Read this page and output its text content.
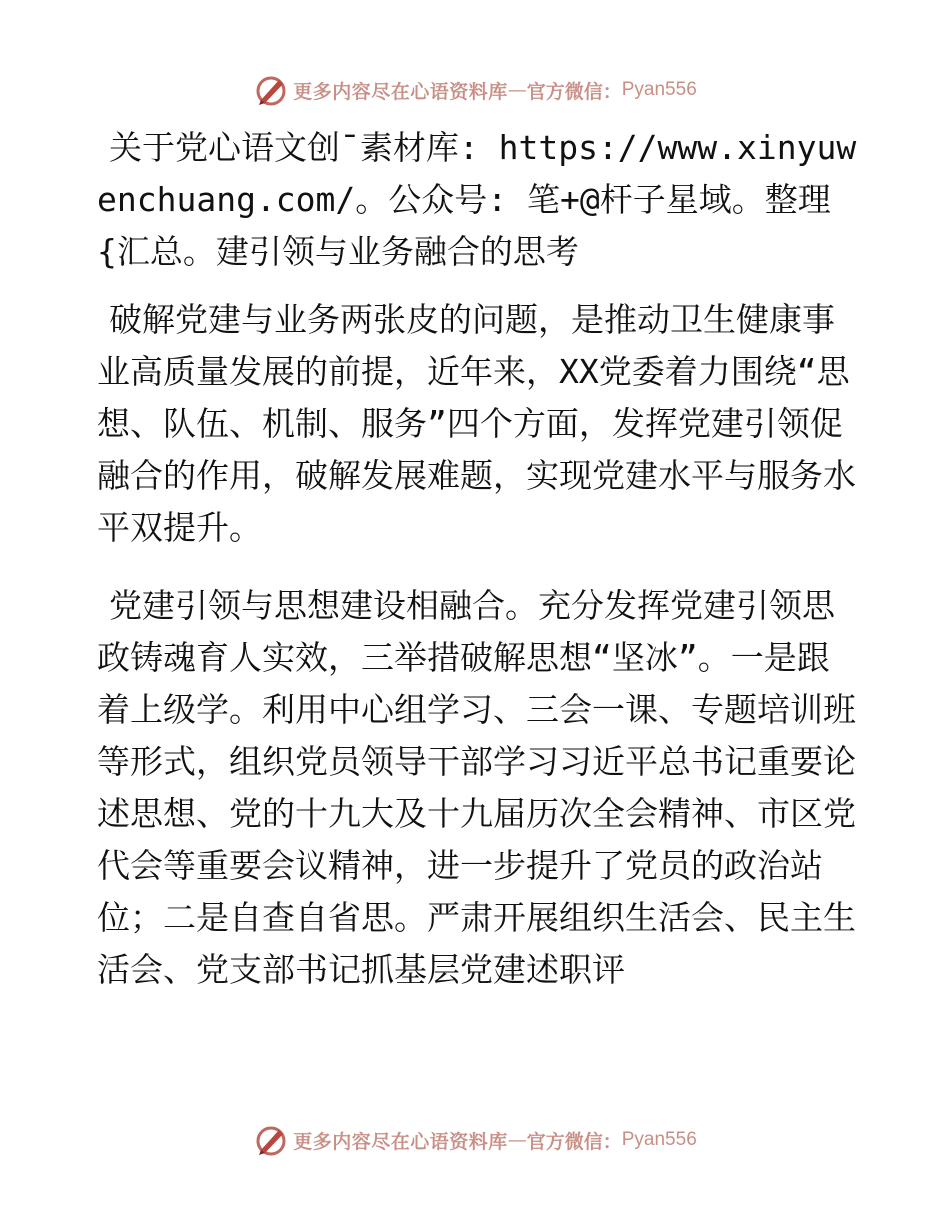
更多内容尽在心语资料库 — 官方微信： Pyan556

关于党心语文创¯素材库: https://www.xinyuwenchuang.com/。公众号: 笔+@杆子星域。整理{汇总。建引领与业务融合的思考

破解党建与业务两张皮的问题，是推动卫生健康事业高质量发展的前提，近年来，XX党委着力围绕“思想、队伍、机制、服务”四个方面，发挥党建引领促融合的作用，破解发展难题，实现党建水平与服务水平双提升。

党建引领与思想建设相融合。充分发挥党建引领思政铸魂育人实效，三举措破解思想“坚冰”。一是跟着上级学。利用中心组学习、三会一课、专题培训班等形式，组织党员领导干部学习习近平总书记重要论述思想、党的十九大及十九届历次全会精神、市区党代会等重要会议精神，进一步提升了党员的政治站位；二是自查自省思。严肃开展组织生活会、民主生活会、党支部书记抓基层党建述职评

更多内容尽在心语资料库 — 官方微信： Pyan556
